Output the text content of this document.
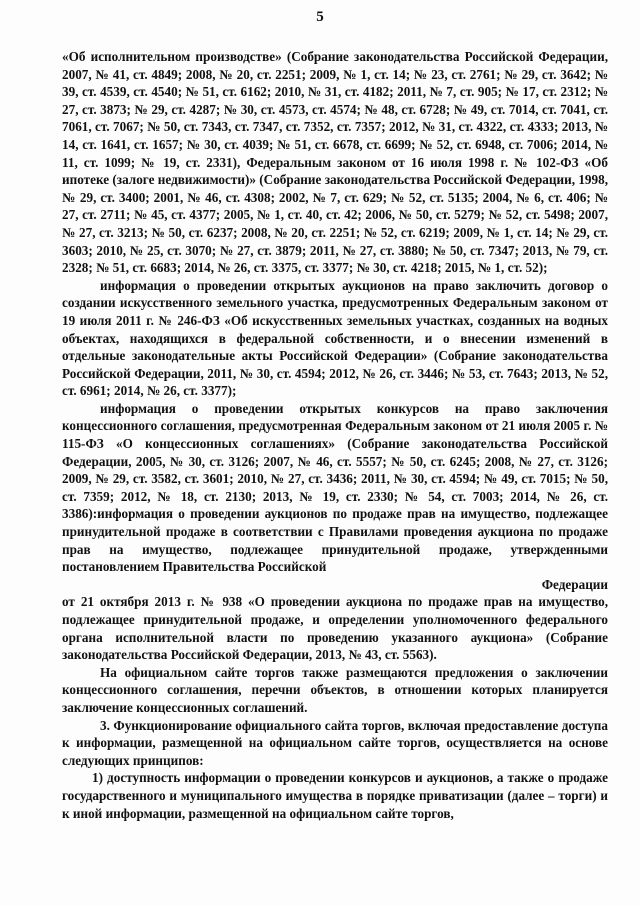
5

«Об исполнительном производстве» (Собрание законодательства Российской Федерации, 2007, № 41, ст. 4849; 2008, № 20, ст. 2251; 2009, № 1, ст. 14; № 23, ст. 2761; № 29, ст. 3642; № 39, ст. 4539, ст. 4540; № 51, ст. 6162; 2010, № 31, ст. 4182; 2011, № 7, ст. 905; № 17, ст. 2312; № 27, ст. 3873; № 29, ст. 4287; № 30, ст. 4573, ст. 4574; № 48, ст. 6728; № 49, ст. 7014, ст. 7041, ст. 7061, ст. 7067; № 50, ст. 7343, ст. 7347, ст. 7352, ст. 7357; 2012, № 31, ст. 4322, ст. 4333; 2013, № 14, ст. 1641, ст. 1657; № 30, ст. 4039; № 51, ст. 6678, ст. 6699; № 52, ст. 6948, ст. 7006; 2014, № 11, ст. 1099; № 19, ст. 2331), Федеральным законом от 16 июля 1998 г. № 102-ФЗ «Об ипотеке (залоге недвижимости)» (Собрание законодательства Российской Федерации, 1998, № 29, ст. 3400; 2001, № 46, ст. 4308; 2002, № 7, ст. 629; № 52, ст. 5135; 2004, № 6, ст. 406; № 27, ст. 2711; № 45, ст. 4377; 2005, № 1, ст. 40, ст. 42; 2006, № 50, ст. 5279; № 52, ст. 5498; 2007, № 27, ст. 3213; № 50, ст. 6237; 2008, № 20, ст. 2251; № 52, ст. 6219; 2009, № 1, ст. 14; № 29, ст. 3603; 2010, № 25, ст. 3070; № 27, ст. 3879; 2011, № 27, ст. 3880; № 50, ст. 7347; 2013, № 79, ст. 2328; № 51, ст. 6683; 2014, № 26, ст. 3375, ст. 3377; № 30, ст. 4218; 2015, № 1, ст. 52);

информация о проведении открытых аукционов на право заключить договор о создании искусственного земельного участка, предусмотренных Федеральным законом от 19 июля 2011 г. № 246-ФЗ «Об искусственных земельных участках, созданных на водных объектах, находящихся в федеральной собственности, и о внесении изменений в отдельные законодательные акты Российской Федерации» (Собрание законодательства Российской Федерации, 2011, № 30, ст. 4594; 2012, № 26, ст. 3446; № 53, ст. 7643; 2013, № 52, ст. 6961; 2014, № 26, ст. 3377);

информация о проведении открытых конкурсов на право заключения концессионного соглашения, предусмотренная Федеральным законом от 21 июля 2005 г. № 115-ФЗ «О концессионных соглашениях» (Собрание законодательства Российской Федерации, 2005, № 30, ст. 3126; 2007, № 46, ст. 5557; № 50, ст. 6245; 2008, № 27, ст. 3126; 2009, № 29, ст. 3582, ст. 3601; 2010, № 27, ст. 3436; 2011, № 30, ст. 4594; № 49, ст. 7015; № 50, ст. 7359; 2012, № 18, ст. 2130; 2013, № 19, ст. 2330; № 54, ст. 7003; 2014, № 26, ст. 3386):информация о проведении аукционов по продаже прав на имущество, подлежащее принудительной продаже в соответствии с Правилами проведения аукциона по продаже прав на имущество, подлежащее принудительной продаже, утвержденными постановлением Правительства Российской

Федерации

от 21 октября 2013 г. № 938 «О проведении аукциона по продаже прав на имущество, подлежащее принудительной продаже, и определении уполномоченного федерального органа исполнительной власти по проведению указанного аукциона» (Собрание законодательства Российской Федерации, 2013, № 43, ст. 5563).

На официальном сайте торгов также размещаются предложения о заключении концессионного соглашения, перечни объектов, в отношении которых планируется заключение концессионных соглашений.

3. Функционирование официального сайта торгов, включая предоставление доступа к информации, размещенной на официальном сайте торгов, осуществляется на основе следующих принципов:

1) доступность информации о проведении конкурсов и аукционов, а также о продаже государственного и муниципального имущества в порядке приватизации (далее – торги) и к иной информации, размещенной на официальном сайте торгов,
